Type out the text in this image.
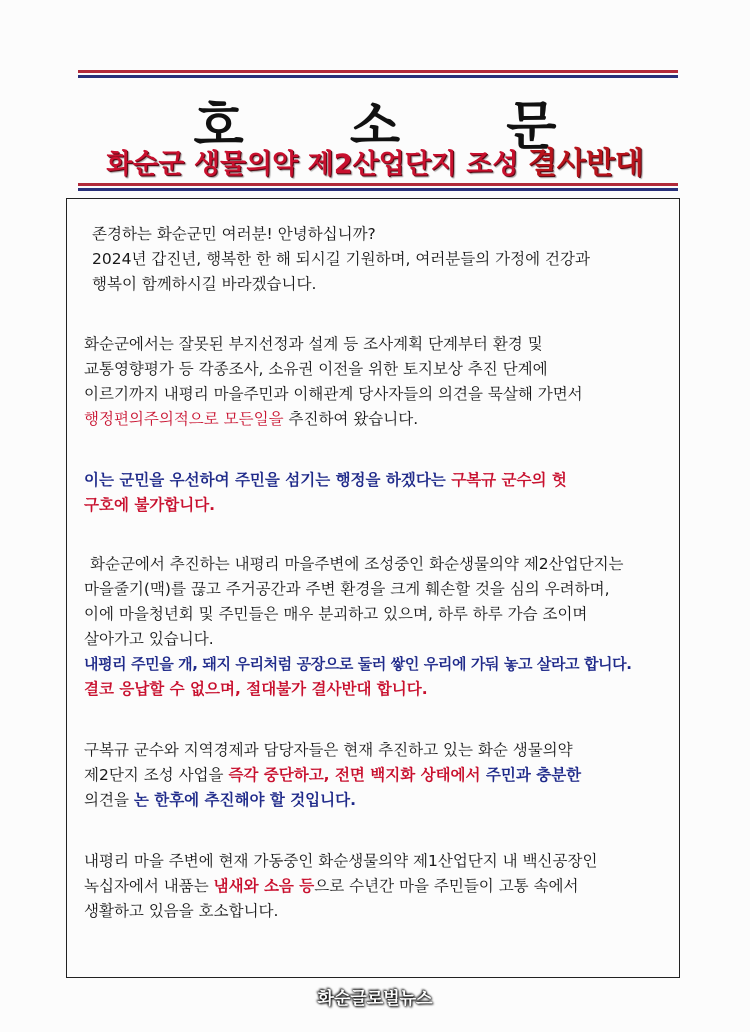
호 소 문
화순군 생물의약 제2산업단지 조성 결사반대
존경하는 화순군민 여러분! 안녕하십니까?
2024년 갑진년, 행복한 한 해 되시길 기원하며, 여러분들의 가정에 건강과
행복이 함께하시길 바라겠습니다.
화순군에서는 잘못된 부지선정과 설계 등 조사계획 단계부터 환경 및
교통영향평가 등 각종조사, 소유권 이전을 위한 토지보상 추진 단계에
이르기까지 내평리 마을주민과 이해관계 당사자들의 의견을 묵살해 가면서
행정편의주의적으로 모든일을 추진하여 왔습니다.
이는 군민을 우선하여 주민을 섬기는 행정을 하겠다는 구복규 군수의 헛
구호에 불가합니다.
화순군에서 추진하는 내평리 마을주변에 조성중인 화순생물의약 제2산업단지는
마을줄기(맥)를 끊고 주거공간과 주변 환경을 크게 훼손할 것을 심의 우려하며,
이에 마을청년회 및 주민들은 매우 분괴하고 있으며, 하루 하루 가슴 조이며
살아가고 있습니다.
내평리 주민을 개, 돼지 우리처럼 공장으로 둘러 쌓인 우리에 가둬 놓고 살라고 합니다.
결코 응납할 수 없으며, 절대불가 결사반대 합니다.
구복규 군수와 지역경제과 담당자들은 현재 추진하고 있는 화순 생물의약
제2단지 조성 사업을 즉각 중단하고, 전면 백지화 상태에서 주민과 충분한
의견을 논 한후에 추진해야 할 것입니다.
내평리 마을 주변에 현재 가동중인 화순생물의약 제1산업단지 내 백신공장인
녹십자에서 내품는 냄새와 소음 등으로 수년간 마을 주민들이 고통 속에서
생활하고 있음을 호소합니다.
화순글로벌뉴스
